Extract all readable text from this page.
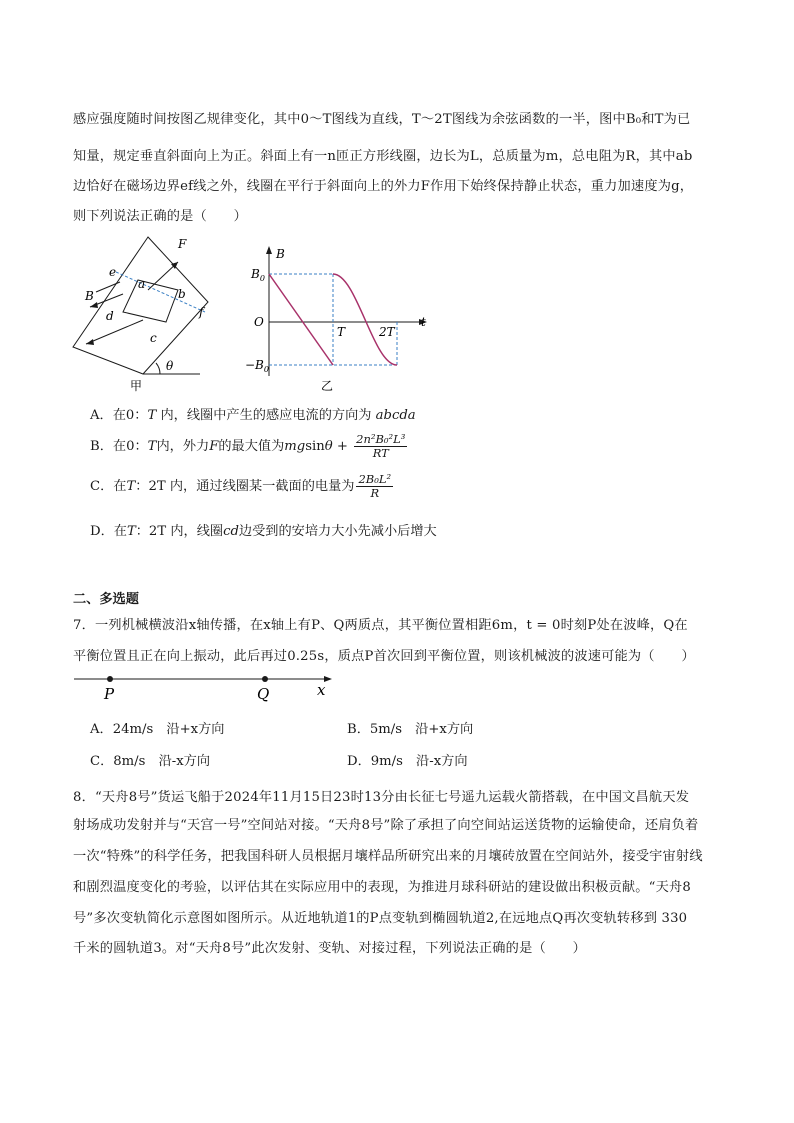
感应强度随时间按图乙规律变化，其中0～T图线为直线，T～2T图线为余弦函数的一半，图中B₀和T为已
知量，规定垂直斜面向上为正。斜面上有一n匝正方形线圈，边长为L，总质量为m，总电阻为R，其中ab
边恰好在磁场边界ef线之外，线圈在平行于斜面向上的外力F作用下始终保持静止状态，重力加速度为g，
则下列说法正确的是（　　）
e
f
a
b
c
d
F
B
θ
甲
B
t
$B_0$
$-B_0$
O
T	2T
乙
A．在0：T 内，线圈中产生的感应电流的方向为 abcda
B．在0：T内，外力F的最大值为$mgsin\theta + \frac{\text{2n²B₀²L³}}{RT}$
C．在T：2T 内，通过线圈某一截面的电量为 $\frac{\text{2B₀L²}}{R}$
D．在T：2T 内，线圈cd边受到的安培力大小先减小后增大
二、多选题
7．一列机械横波沿x轴传播，在x轴上有P、Q两质点，其平衡位置相距6m，t = 0时刻P处在波峰，Q在
平衡位置且正在向上振动，此后再过0.25s，质点P首次回到平衡位置，则该机械波的波速可能为（　　）
P	Q	x
A．24m/s　沿+x方向	B．5m/s　沿+x方向
C．8m/s　沿-x方向	D．9m/s　沿-x方向
8．“天舟8号”货运飞船于2024年11月15日23时13分由长征七号遥九运载火箭搭载，在中国文昌航天发
射场成功发射并与“天宫一号”空间站对接。“天舟8号”除了承担了向空间站运送货物的运输使命，还肩负着
一次“特殊”的科学任务，把我国科研人员根据月壤样品所研究出来的月壤砖放置在空间站外，接受宇宙射线
和剧烈温度变化的考验，以评估其在实际应用中的表现，为推进月球科研站的建设做出积极贡献。“天舟8
号”多次变轨简化示意图如图所示。从近地轨道1的P点变轨到椭圆轨道2,在远地点Q再次变轨转移到 330
千米的圆轨道3。对“天舟8号”此次发射、变轨、对接过程，下列说法正确的是（　　）
